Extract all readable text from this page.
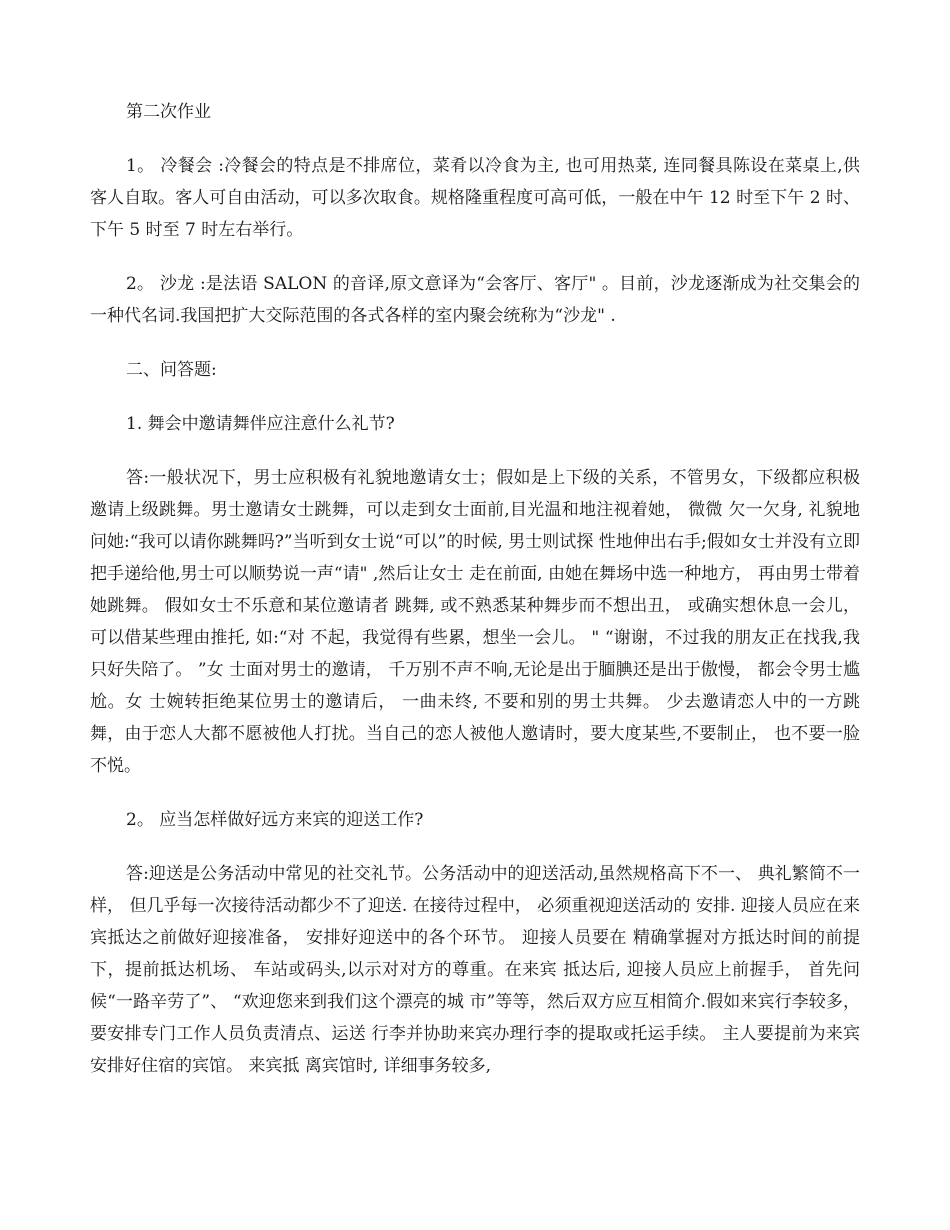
第二次作业

1。 冷餐会 :冷餐会的特点是不排席位，菜肴以冷食为主, 也可用热菜, 连同餐具陈设在菜桌上,供客人自取。客人可自由活动，可以多次取食。规格隆重程度可高可低，一般在中午 12 时至下午 2 时、下午 5 时至 7 时左右举行。

2。 沙龙 :是法语 SALON 的音译,原文意译为“会客厅、客厅" 。目前，沙龙逐渐成为社交集会的一种代名词.我国把扩大交际范围的各式各样的室内聚会统称为“沙龙" .

二、问答题:

1. 舞会中邀请舞伴应注意什么礼节?

答:一般状况下，男士应积极有礼貌地邀请女士；假如是上下级的关系，不管男女，下级都应积极邀请上级跳舞。男士邀请女士跳舞，可以走到女士面前,目光温和地注视着她， 微微 欠一欠身, 礼貌地问她:“我可以请你跳舞吗?”当听到女士说“可以”的时候, 男士则试探 性地伸出右手;假如女士并没有立即把手递给他,男士可以顺势说一声“请" ,然后让女士 走在前面, 由她在舞场中选一种地方， 再由男士带着她跳舞。 假如女士不乐意和某位邀请者 跳舞, 或不熟悉某种舞步而不想出丑， 或确实想休息一会儿， 可以借某些理由推托, 如:“对 不起，我觉得有些累，想坐一会儿。 " “谢谢，不过我的朋友正在找我,我只好失陪了。 ”女 士面对男士的邀请， 千万别不声不响,无论是出于腼腆还是出于傲慢， 都会令男士尴尬。女 士婉转拒绝某位男士的邀请后， 一曲未终, 不要和别的男士共舞。 少去邀请恋人中的一方跳 舞，由于恋人大都不愿被他人打扰。当自己的恋人被他人邀请时，要大度某些,不要制止， 也不要一脸不悦。

2。 应当怎样做好远方来宾的迎送工作?

答:迎送是公务活动中常见的社交礼节。公务活动中的迎送活动,虽然规格高下不一、 典礼繁简不一样， 但几乎每一次接待活动都少不了迎送. 在接待过程中， 必须重视迎送活动的 安排. 迎接人员应在来宾抵达之前做好迎接准备， 安排好迎送中的各个环节。 迎接人员要在 精确掌握对方抵达时间的前提下，提前抵达机场、 车站或码头,以示对对方的尊重。在来宾 抵达后, 迎接人员应上前握手， 首先问候“一路辛劳了”、 “欢迎您来到我们这个漂亮的城 市”等等，然后双方应互相简介.假如来宾行李较多，要安排专门工作人员负责清点、运送 行李并协助来宾办理行李的提取或托运手续。 主人要提前为来宾安排好住宿的宾馆。 来宾抵 离宾馆时, 详细事务较多,
